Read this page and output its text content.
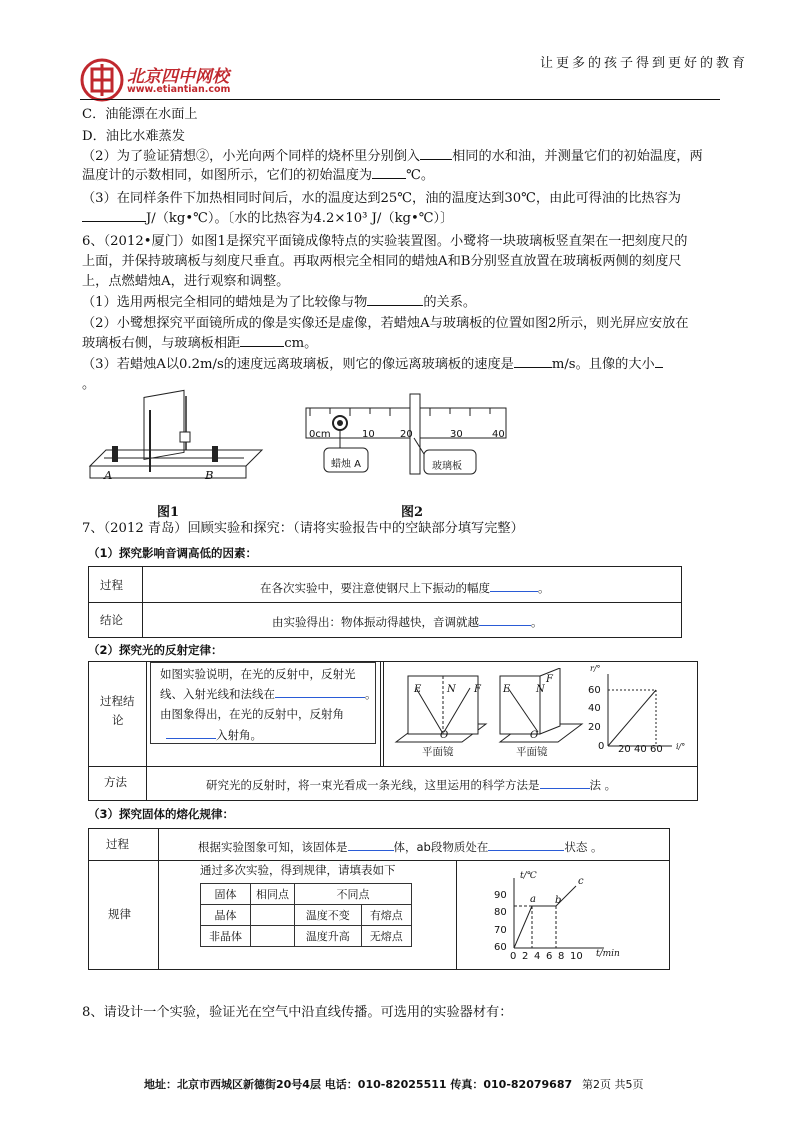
北京四中网校
www.etiantian.com
让更多的孩子得到更好的教育
C．油能漂在水面上
D．油比水难蒸发
（2）为了验证猜想②，小光向两个同样的烧杯里分别倒入 相同的水和油，并测量它们的初始温度，两
温度计的示数相同，如图所示，它们的初始温度为	℃。
（3）在同样条件下加热相同时间后，水的温度达到25℃，油的温度达到30℃，由此可得油的比热容为
J/（kg•℃）。〔水的比热容为4.2×10³ J/（kg•℃）〕
6、（2012•厦门）如图1是探究平面镜成像特点的实验装置图。小鹭将一块玻璃板竖直架在一把刻度尺的
上面，并保持玻璃板与刻度尺垂直。再取两根完全相同的蜡烛A和B分别竖直放置在玻璃板两侧的刻度尺
上，点燃蜡烛A，进行观察和调整。
（1）选用两根完全相同的蜡烛是为了比较像与物	的关系。
（2）小鹭想探究平面镜所成的像是实像还是虚像，若蜡烛A与玻璃板的位置如图2所示，则光屏应安放在
玻璃板右侧，与玻璃板相距	cm。
（3）若蜡烛A以0.2m/s的速度远离玻璃板，则它的像远离玻璃板的速度是	m/s。且像的大小
。
A	B
图1
0cm	10	20	30	40
蜡烛 A	玻璃板
图2
7、（2012 青岛）回顾实验和探究：（请将实验报告中的空缺部分填写完整）
（1）探究影响音调高低的因素：
过程	在各次实验中，要注意使钢尺上下振动的幅度	。
结论	由实验得出：物体振动得越快，音调就越	。
（2）探究光的反射定律：
过程结
论
如图实验说明，在光的反射中，反射光
线、入射光线和法线在	。
由图象得出，在光的反射中，反射角
入射角。
E	N F
O
E	N
F
O
平面镜	平面镜
r/°
60
40
20
0 20 40 60 i/°
方法	研究光的反射时，将一束光看成一条光线，这里运用的科学方法是	法 。
（3）探究固体的熔化规律：
过程	根据实验图象可知，该固体是	体，ab段物质处在	状态 。
规律
通过多次实验，得到规律，请填表如下
固体	相同点	不同点	
晶体		温度不变	有熔点
非晶体		温度升高	无熔点
t/℃
90
80
70
60
0 2 4 6 8 10 t/min
a b
c
8、请设计一个实验，验证光在空气中沿直线传播。可选用的实验器材有：
地址：北京市西城区新德街20号4层 电话：010-82025511 传真：010-82079687 第2页 共5页
